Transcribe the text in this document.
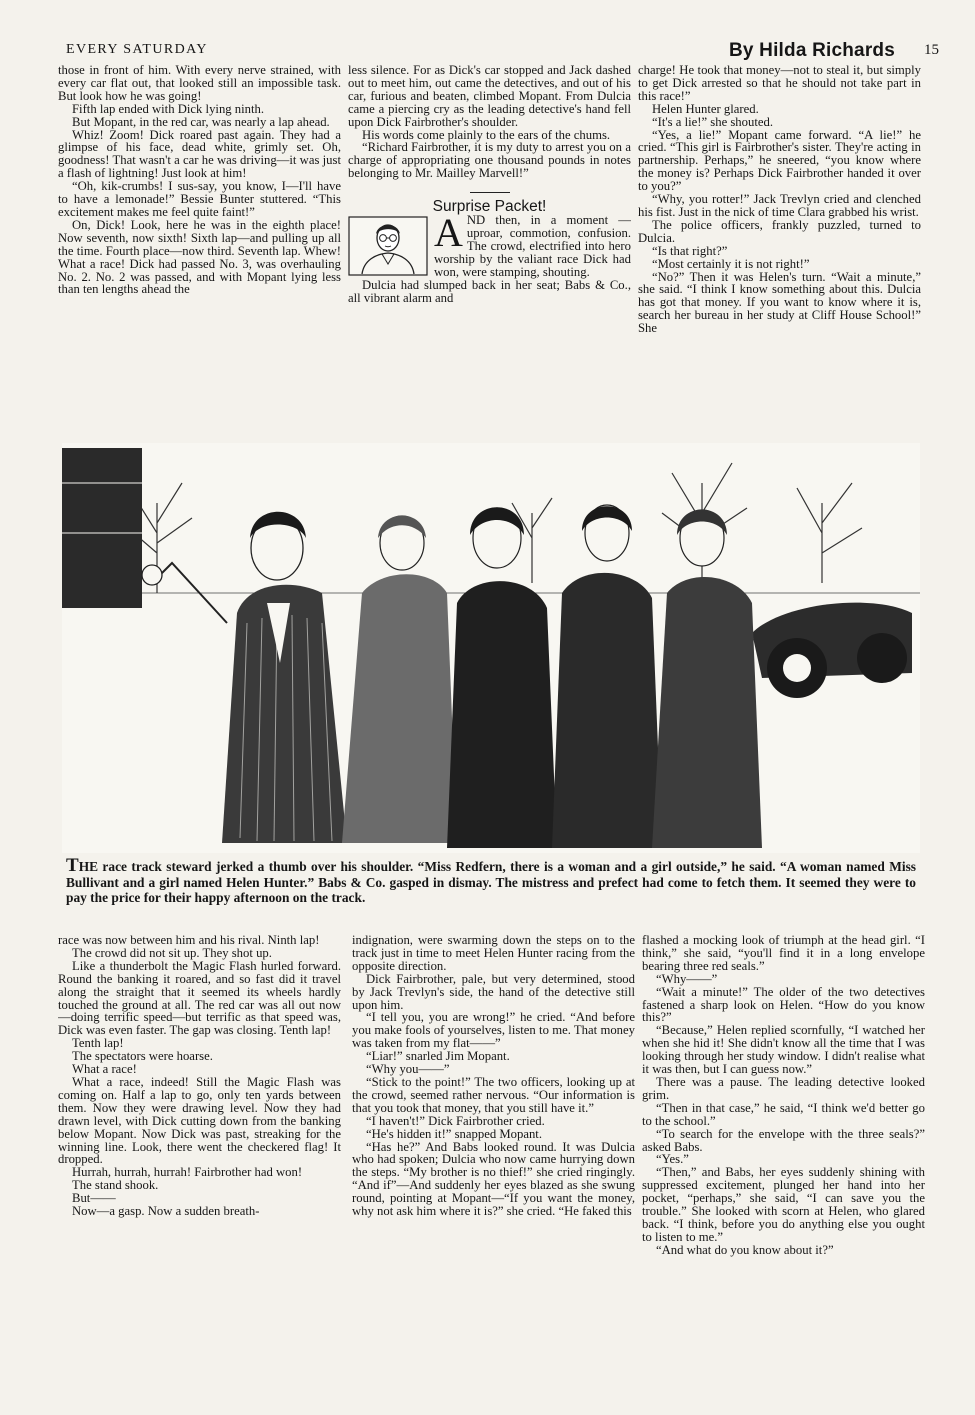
EVERY SATURDAY	By Hilda Richards 15

those in front of him. With every nerve strained, with every car flat out, that looked still an impossible task. But look how he was going!

Fifth lap ended with Dick lying ninth.

But Mopant, in the red car, was nearly a lap ahead.

Whiz! Zoom! Dick roared past again. They had a glimpse of his face, dead white, grimly set. Oh, goodness! That wasn't a car he was driving—it was just a flash of lightning! Just look at him!

“Oh, kik-crumbs! I sus-say, you know, I—I'll have to have a lemonade!” Bessie Bunter stuttered. “This excitement makes me feel quite faint!”

On, Dick! Look, here he was in the eighth place! Now seventh, now sixth! Sixth lap—and pulling up all the time. Fourth place—now third. Seventh lap. Whew! What a race! Dick had passed No. 3, was overhauling No. 2. No. 2 was passed, and with Mopant lying less than ten lengths ahead the

less silence. For as Dick's car stopped and Jack dashed out to meet him, out came the detectives, and out of his car, furious and beaten, climbed Mopant. From Dulcia came a piercing cry as the leading detective's hand fell upon Dick Fairbrother's shoulder.

His words come plainly to the ears of the chums.

“Richard Fairbrother, it is my duty to arrest you on a charge of appropriating one thousand pounds in notes belonging to Mr. Mailley Marvell!”

Surprise Packet!

A ND then, in a moment —uproar, commotion, confusion. The crowd, electrified into hero worship by the valiant race Dick had won, were stamping, shouting.

Dulcia had slumped back in her seat; Babs & Co., all vibrant alarm and

charge! He took that money—not to steal it, but simply to get Dick arrested so that he should not take part in this race!”

Helen Hunter glared.

“It's a lie!” she shouted.

“Yes, a lie!” Mopant came forward. “A lie!” he cried. “This girl is Fairbrother's sister. They're acting in partnership. Perhaps,” he sneered, “you know where the money is? Perhaps Dick Fairbrother handed it over to you?”

“Why, you rotter!” Jack Trevlyn cried and clenched his fist. Just in the nick of time Clara grabbed his wrist.

The police officers, frankly puzzled, turned to Dulcia.

“Is that right?”

“Most certainly it is not right!”

“No?” Then it was Helen's turn. “Wait a minute,” she said. “I think I know something about this. Dulcia has got that money. If you want to know where it is, search her bureau in her study at Cliff House School!” She

THE race track steward jerked a thumb over his shoulder. “Miss Redfern, there is a woman and a girl outside,” he said. “A woman named Miss Bullivant and a girl named Helen Hunter.” Babs & Co. gasped in dismay. The mistress and prefect had come to fetch them. It seemed they were to pay the price for their happy afternoon on the track.

race was now between him and his rival. Ninth lap!

The crowd did not sit up. They shot up.

Like a thunderbolt the Magic Flash hurled forward. Round the banking it roared, and so fast did it travel along the straight that it seemed its wheels hardly touched the ground at all. The red car was all out now—doing terrific speed—but terrific as that speed was, Dick was even faster. The gap was closing. Tenth lap!

Tenth lap!

The spectators were hoarse.

What a race!

What a race, indeed! Still the Magic Flash was coming on. Half a lap to go, only ten yards between them. Now they were drawing level. Now they had drawn level, with Dick cutting down from the banking below Mopant. Now Dick was past, streaking for the winning line. Look, there went the checkered flag! It dropped.

Hurrah, hurrah, hurrah! Fairbrother had won!

The stand shook.

But——

Now—a gasp. Now a sudden breath-

indignation, were swarming down the steps on to the track just in time to meet Helen Hunter racing from the opposite direction.

Dick Fairbrother, pale, but very determined, stood by Jack Trevlyn's side, the hand of the detective still upon him.

“I tell you, you are wrong!” he cried. “And before you make fools of yourselves, listen to me. That money was taken from my flat——”

“Liar!” snarled Jim Mopant.

“Why you——”

“Stick to the point!” The two officers, looking up at the crowd, seemed rather nervous. “Our information is that you took that money, that you still have it.”

“I haven't!” Dick Fairbrother cried.

“He's hidden it!” snapped Mopant.

“Has he?” And Babs looked round. It was Dulcia who had spoken; Dulcia who now came hurrying down the steps. “My brother is no thief!” she cried ringingly. “And if”—And suddenly her eyes blazed as she swung round, pointing at Mopant—“If you want the money, why not ask him where it is?” she cried. “He faked this

flashed a mocking look of triumph at the head girl. “I think,” she said, “you'll find it in a long envelope bearing three red seals.”

“Why——”

“Wait a minute!” The older of the two detectives fastened a sharp look on Helen. “How do you know this?”

“Because,” Helen replied scornfully, “I watched her when she hid it! She didn't know all the time that I was looking through her study window. I didn't realise what it was then, but I can guess now.”

There was a pause. The leading detective looked grim.

“Then in that case,” he said, “I think we'd better go to the school.”

“To search for the envelope with the three seals?” asked Babs.

“Yes.”

“Then,” and Babs, her eyes suddenly shining with suppressed excitement, plunged her hand into her pocket, “perhaps,” she said, “I can save you the trouble.” She looked with scorn at Helen, who glared back. “I think, before you do anything else you ought to listen to me.”

“And what do you know about it?”
